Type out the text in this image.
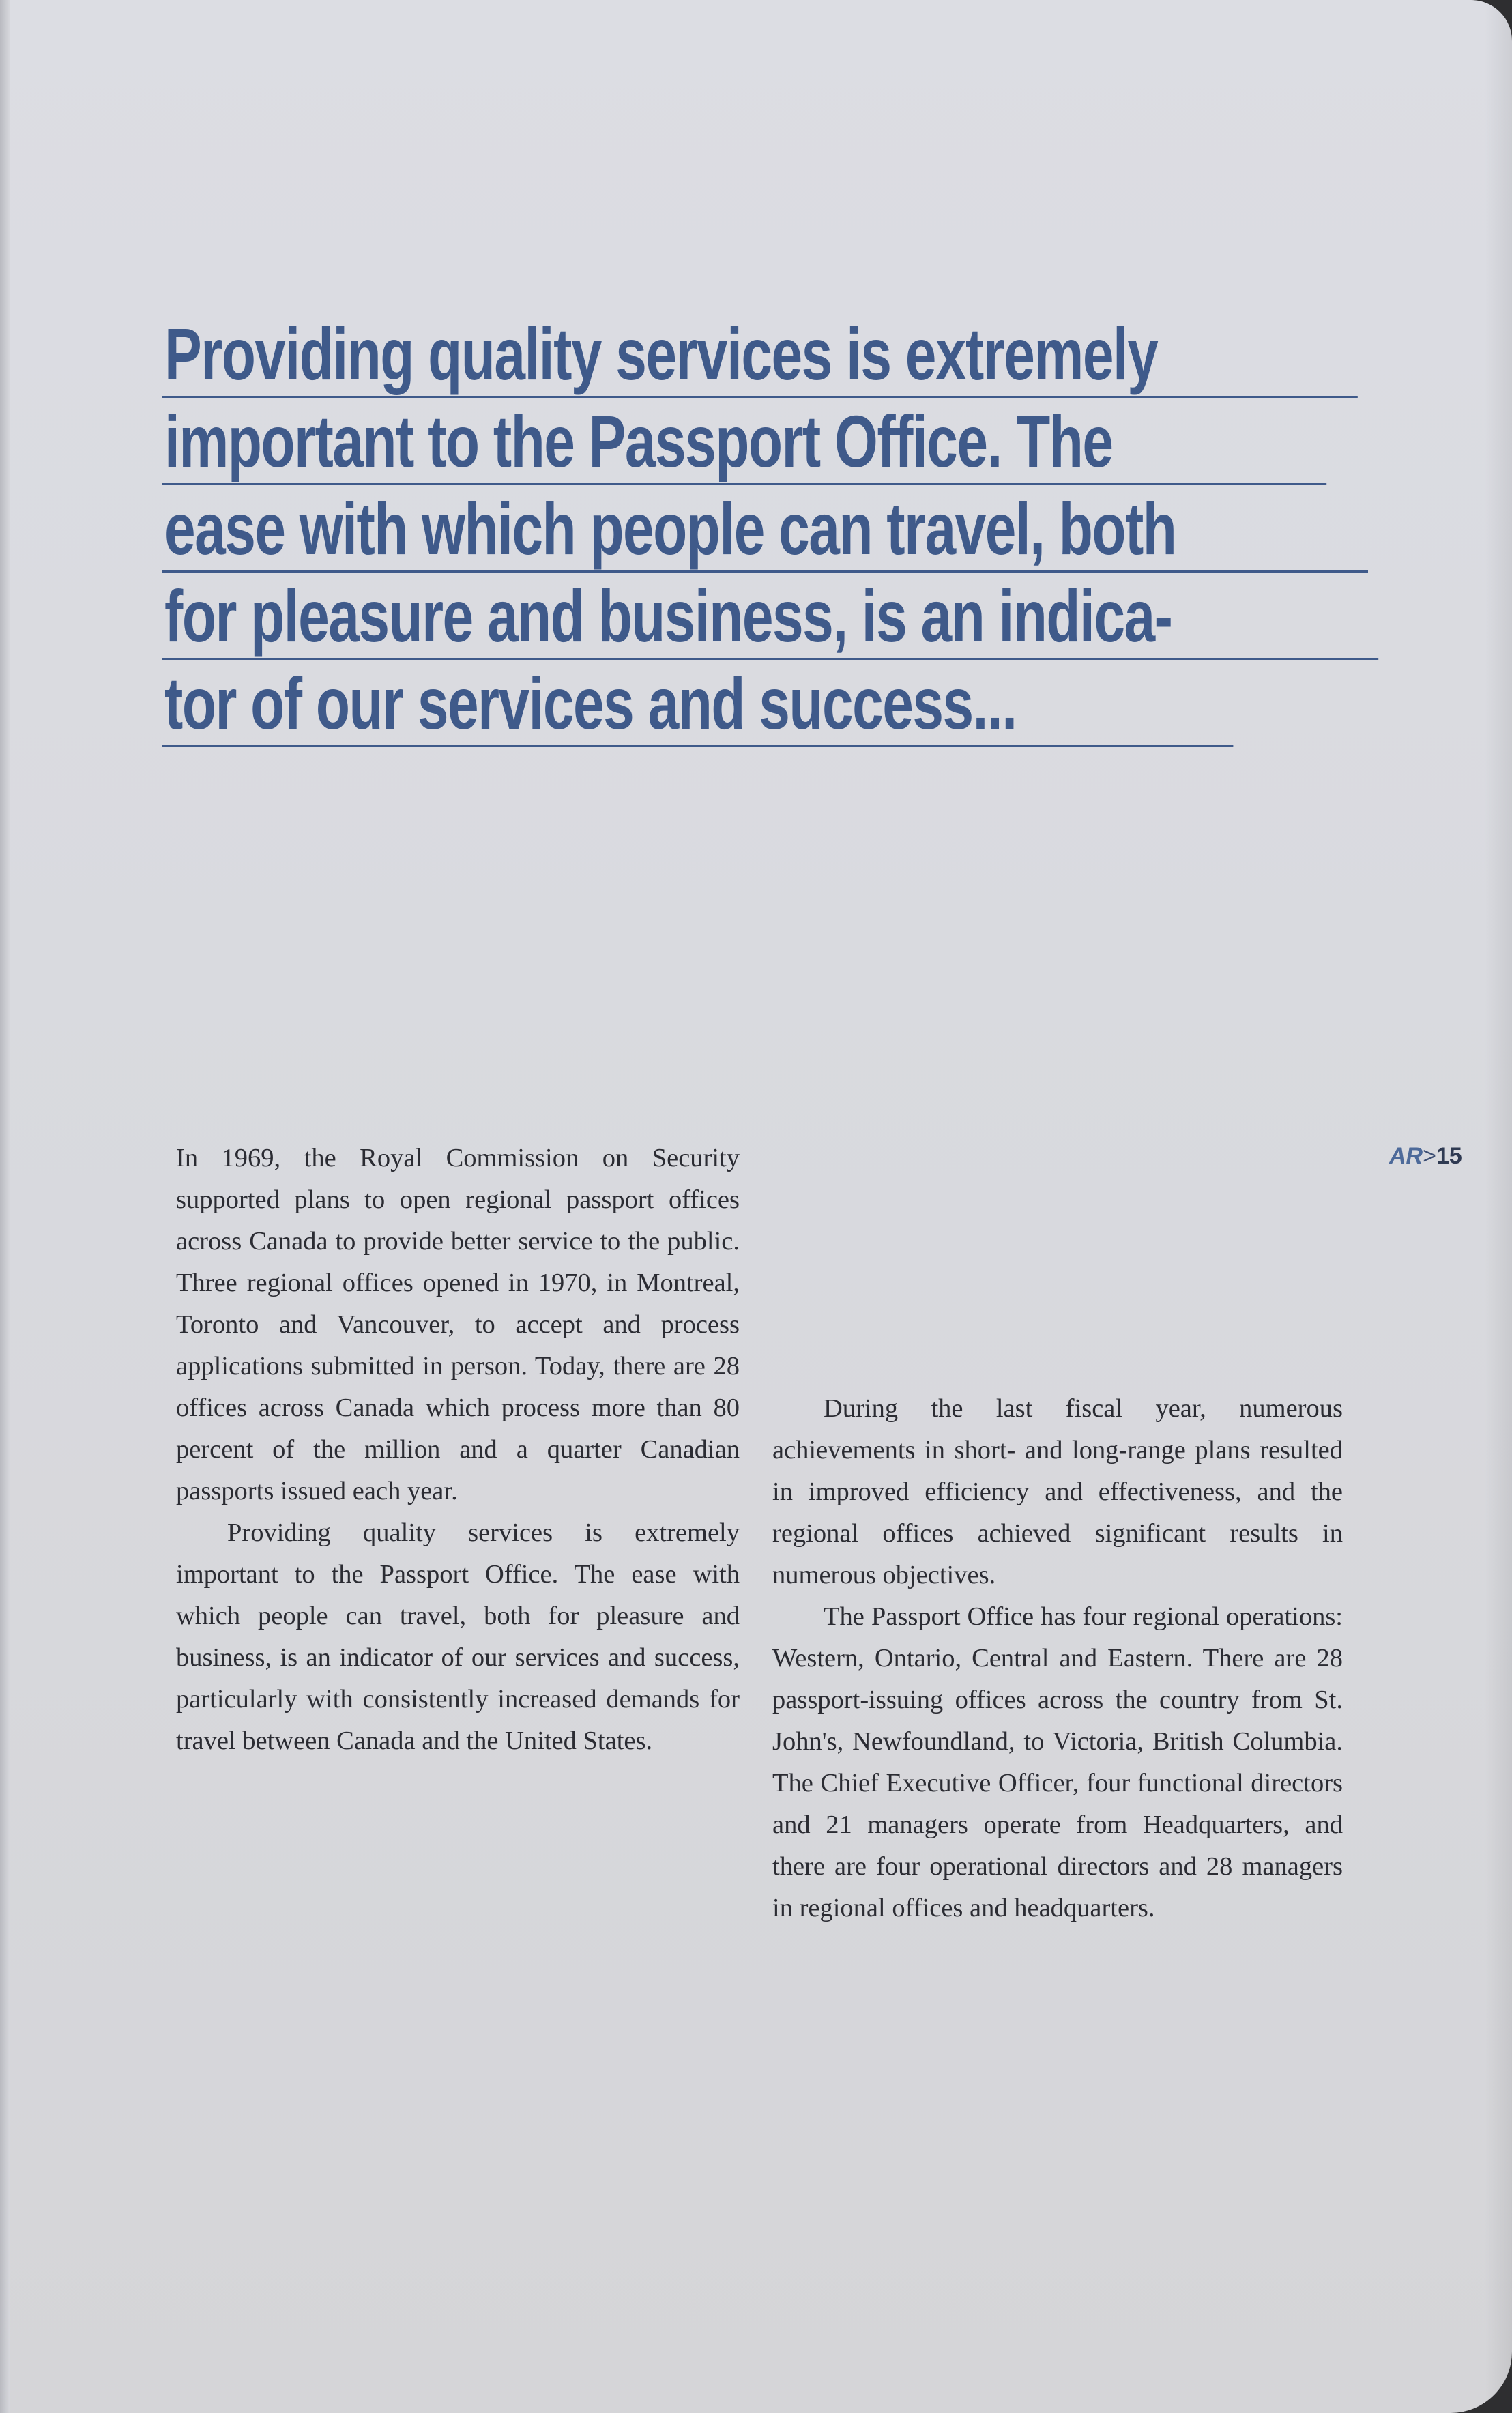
Providing quality services is extremely
important to the Passport Office. The
ease with which people can travel, both
for pleasure and business, is an indica-
tor of our services and success...
AR>15

In 1969, the Royal Commission on Security supported plans to open regional passport offices across Canada to provide better service to the public. Three regional offices opened in 1970, in Montreal, Toronto and Vancouver, to accept and process applications submitted in person. Today, there are 28 offices across Canada which process more than 80 percent of the million and a quarter Canadian passports issued each year.

Providing quality services is extremely important to the Passport Office. The ease with which people can travel, both for pleasure and business, is an indicator of our services and success, particularly with consistently increased demands for travel between Canada and the United States.

During the last fiscal year, numerous achievements in short- and long-range plans resulted in improved efficiency and effectiveness, and the regional offices achieved significant results in numerous objectives.

The Passport Office has four regional operations: Western, Ontario, Central and Eastern. There are 28 passport-issuing offices across the country from St. John's, Newfoundland, to Victoria, British Columbia. The Chief Executive Officer, four functional directors and 21 managers operate from Headquarters, and there are four operational directors and 28 managers in regional offices and headquarters.
